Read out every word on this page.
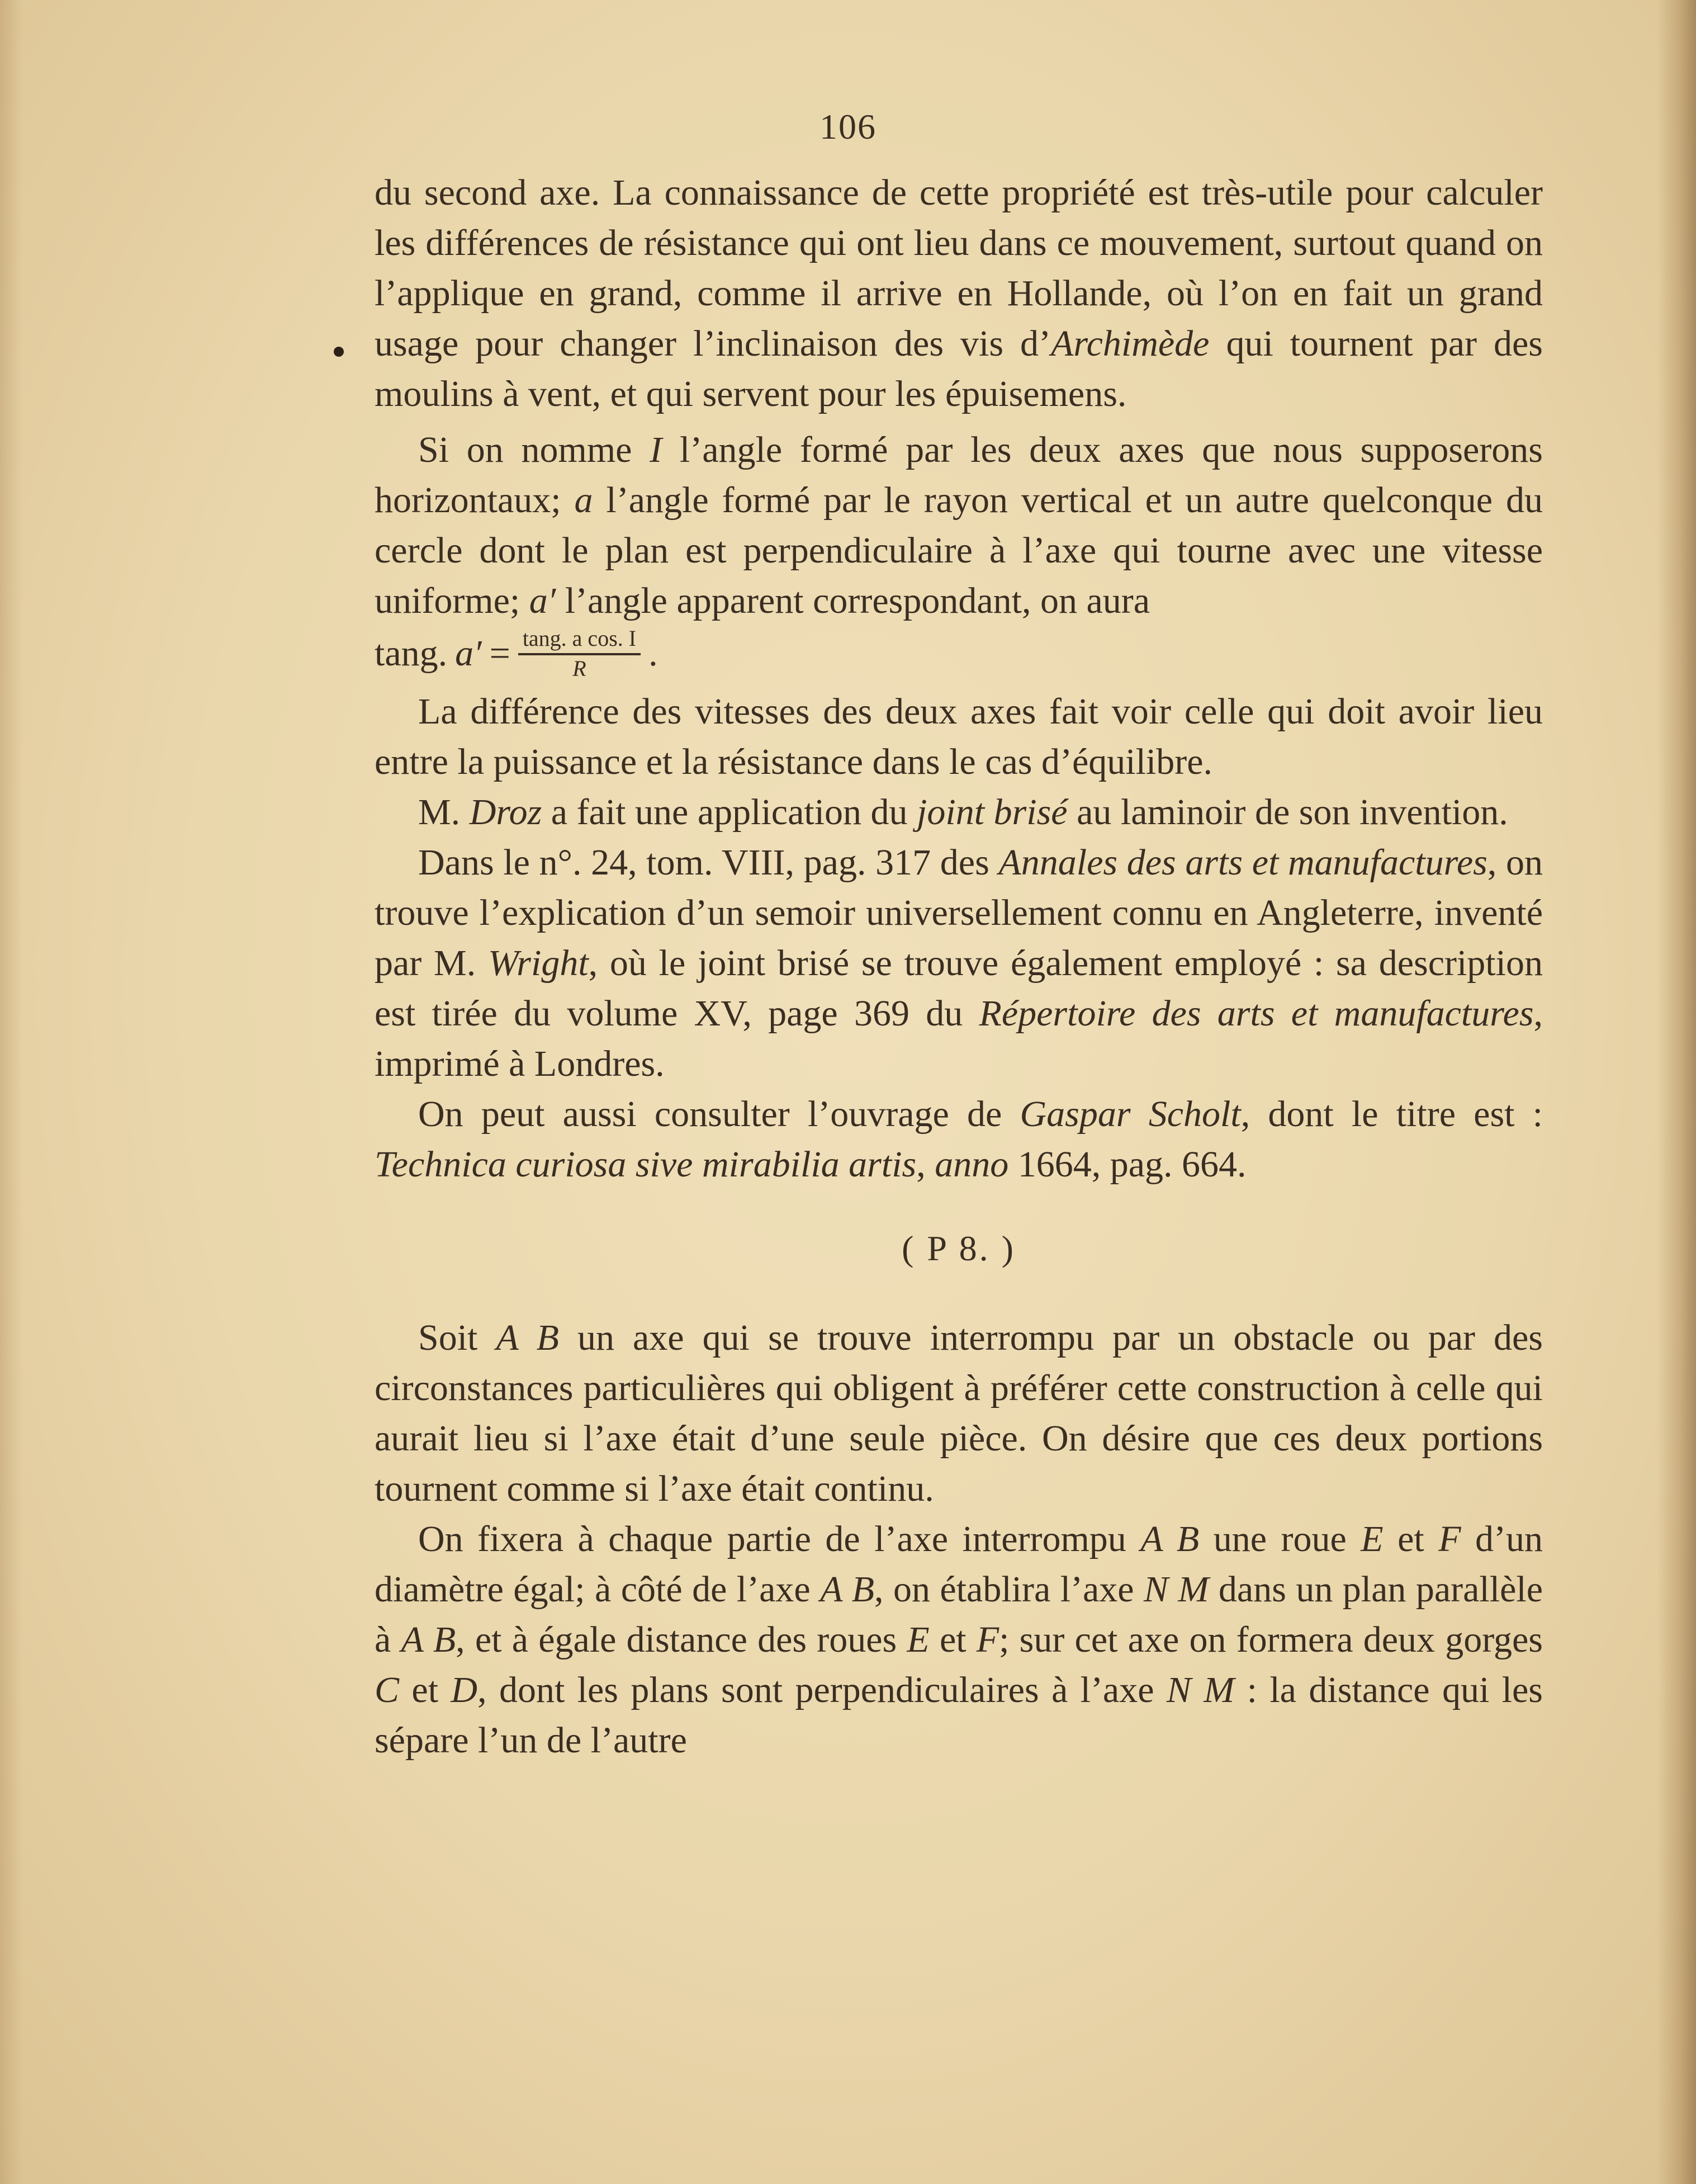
106

du second axe. La connaissance de cette propriété est très-utile pour calculer les différences de résistance qui ont lieu dans ce mouvement, surtout quand on l’applique en grand, comme il arrive en Hollande, où l’on en fait un grand usage pour changer l’inclinaison des vis d’Archimède qui tournent par des moulins à vent, et qui servent pour les épuisemens.

Si on nomme I l’angle formé par les deux axes que nous supposerons horizontaux; a l’angle formé par le rayon vertical et un autre quelconque du cercle dont le plan est perpendiculaire à l’axe qui tourne avec une vitesse uniforme; a′ l’angle apparent correspondant, on aura

tang. $a' = \frac{\text{tang. a cos. I}}{R}$ .

La différence des vitesses des deux axes fait voir celle qui doit avoir lieu entre la puissance et la résistance dans le cas d’équilibre.

M. Droz a fait une application du joint brisé au laminoir de son invention.

Dans le n°. 24, tom. VIII, pag. 317 des Annales des arts et manufactures, on trouve l’explication d’un semoir universellement connu en Angleterre, inventé par M. Wright, où le joint brisé se trouve également employé : sa description est tirée du volume XV, page 369 du Répertoire des arts et manufactures, imprimé à Londres.

On peut aussi consulter l’ouvrage de Gaspar Scholt, dont le titre est : Technica curiosa sive mirabilia artis, anno 1664, pag. 664.

( P 8. )

Soit A B un axe qui se trouve interrompu par un obstacle ou par des circonstances particulières qui obligent à préférer cette construction à celle qui aurait lieu si l’axe était d’une seule pièce. On désire que ces deux portions tournent comme si l’axe était continu.

On fixera à chaque partie de l’axe interrompu A B une roue E et F d’un diamètre égal; à côté de l’axe A B, on établira l’axe N M dans un plan parallèle à A B, et à égale distance des roues E et F; sur cet axe on formera deux gorges C et D, dont les plans sont perpendiculaires à l’axe N M : la distance qui les sépare l’un de l’autre
